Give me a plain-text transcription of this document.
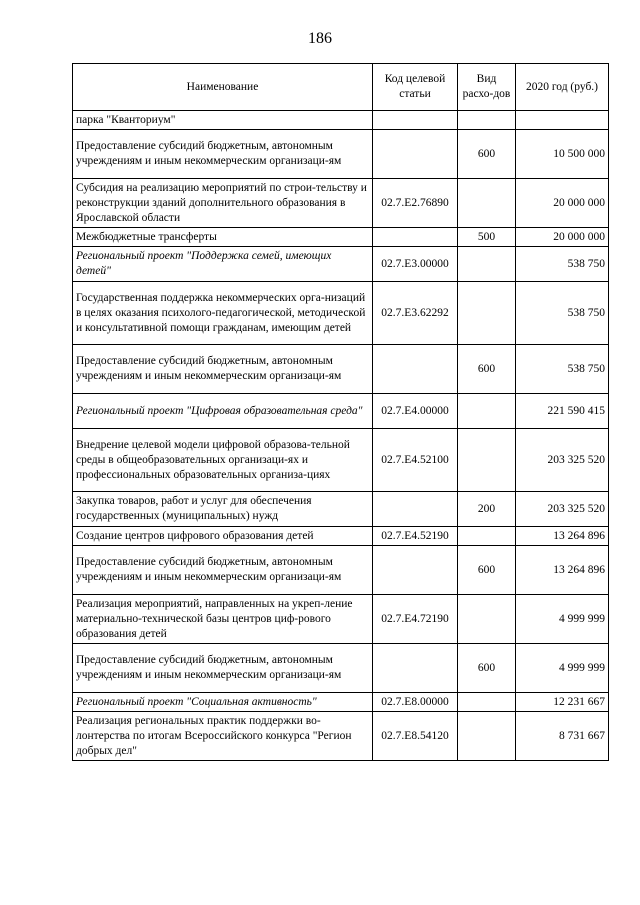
186
Наименование	Код целевой статьи	Вид расхо-дов	2020 год (руб.)
парка "Кванториум"			
Предоставление субсидий бюджетным, автономным учреждениям и иным некоммерческим организаци-ям		600	10 500 000
Субсидия на реализацию мероприятий по строи-тельству и реконструкции зданий дополнительного образования в Ярославской области	02.7.E2.76890		20 000 000
Межбюджетные трансферты		500	20 000 000
Региональный проект "Поддержка семей, имеющих детей"	02.7.E3.00000		538 750
Государственная поддержка некоммерческих орга-низаций в целях оказания психолого-педагогической, методической и консультативной помощи гражданам, имеющим детей	02.7.E3.62292		538 750
Предоставление субсидий бюджетным, автономным учреждениям и иным некоммерческим организаци-ям		600	538 750
Региональный проект "Цифровая образовательная среда"	02.7.E4.00000		221 590 415
Внедрение целевой модели цифровой образова-тельной среды в общеобразовательных организаци-ях и профессиональных образовательных организа-циях	02.7.E4.52100		203 325 520
Закупка товаров, работ и услуг для обеспечения государственных (муниципальных) нужд		200	203 325 520
Создание центров цифрового образования детей	02.7.E4.52190		13 264 896
Предоставление субсидий бюджетным, автономным учреждениям и иным некоммерческим организаци-ям		600	13 264 896
Реализация мероприятий, направленных на укреп-ление материально-технической базы центров циф-рового образования детей	02.7.E4.72190		4 999 999
Предоставление субсидий бюджетным, автономным учреждениям и иным некоммерческим организаци-ям		600	4 999 999
Региональный проект "Социальная активность"	02.7.E8.00000		12 231 667
Реализация региональных практик поддержки во-лонтерства по итогам Всероссийского конкурса "Регион добрых дел"	02.7.E8.54120		8 731 667
